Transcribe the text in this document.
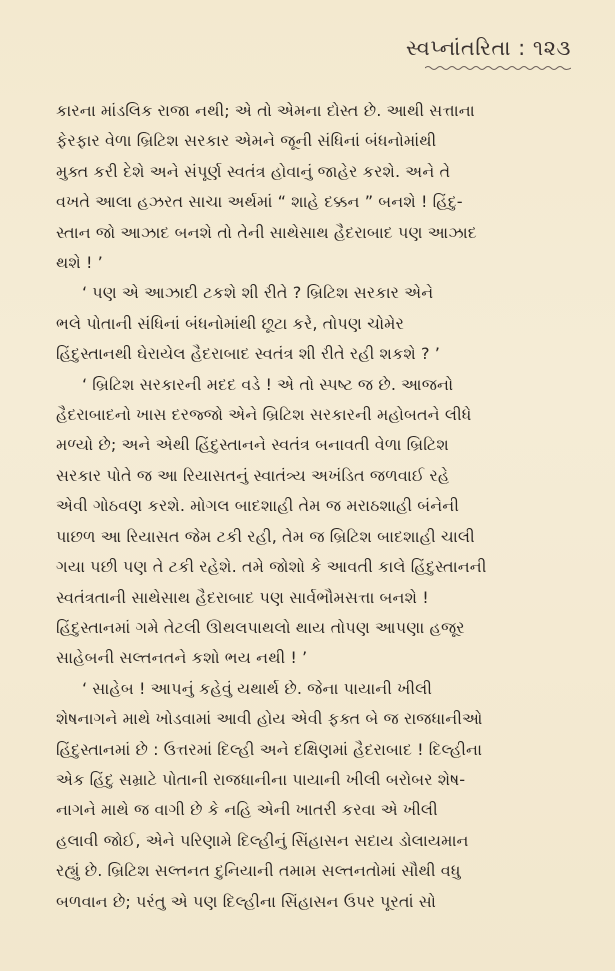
સ્વપ્નાંતરિતા : ૧૨૩
કારના માંડલિક રાજા નથી; એ તો એમના દોસ્ત છે. આથી સત્તાના
ફેરફાર વેળા બ્રિટિશ સરકાર એમને જૂની સંધિનાં બંધનોમાંથી
મુક્ત કરી દેશે અને સંપૂર્ણ સ્વતંત્ર હોવાનું જાહેર કરશે. અને તે
વખતે આલા હઝરત સાચા અર્થમાં “ શાહે દક્કન ” બનશે ! હિંદુ-
સ્તાન જો આઝાદ બનશે તો તેની સાથેસાથ હૈદરાબાદ પણ આઝાદ
થશે ! ’
‘ પણ એ આઝાદી ટકશે શી રીતે ? બ્રિટિશ સરકાર એને
ભલે પોતાની સંધિનાં બંધનોમાંથી છૂટા કરે, તોપણ ચોમેર
હિંદુસ્તાનથી ઘેરાયેલ હૈદરાબાદ સ્વતંત્ર શી રીતે રહી શકશે ? ’
‘ બ્રિટિશ સરકારની મદદ વડે ! એ તો સ્પષ્ટ જ છે. આજનો
હૈદરાબાદનો ખાસ દરજ્જો એને બ્રિટિશ સરકારની મહોબતને લીધે
મળ્યો છે; અને એથી હિંદુસ્તાનને સ્વતંત્ર બનાવતી વેળા બ્રિટિશ
સરકાર પોતે જ આ રિયાસતનું સ્વાતંત્ર્ય અખંડિત જળવાઈ રહે
એવી ગોઠવણ કરશે. મોગલ બાદશાહી તેમ જ મરાઠશાહી બંનેની
પાછળ આ રિયાસત જેમ ટકી રહી, તેમ જ બ્રિટિશ બાદશાહી ચાલી
ગયા પછી પણ તે ટકી રહેશે. તમે જોશો કે આવતી કાલે હિંદુસ્તાનની
સ્વતંત્રતાની સાથેસાથ હૈદરાબાદ પણ સાર્વભૌમસત્તા બનશે !
હિંદુસ્તાનમાં ગમે તેટલી ઊથલપાથલો થાય તોપણ આપણા હજૂર
સાહેબની સલ્તનતને કશો ભય નથી ! ’
‘ સાહેબ ! આપનું કહેવું યથાર્થ છે. જેના પાયાની ખીલી
શેષનાગને માથે ખોડવામાં આવી હોય એવી ફક્ત બે જ રાજધાનીઓ
હિંદુસ્તાનમાં છે : ઉત્તરમાં દિલ્હી અને દક્ષિણમાં હૈદરાબાદ ! દિલ્હીના
એક હિંદુ સમ્રાટે પોતાની રાજધાનીના પાયાની ખીલી બરોબર શેષ-
નાગને માથે જ વાગી છે કે નહિ એની ખાતરી કરવા એ ખીલી
હલાવી જોઈ, એને પરિણામે દિલ્હીનું સિંહાસન સદાય ડોલાયમાન
રહ્યું છે. બ્રિટિશ સલ્તનત દુનિયાની તમામ સલ્તનતોમાં સૌથી વધુ
બળવાન છે; પરંતુ એ પણ દિલ્હીના સિંહાસન ઉપર પૂરતાં સો
